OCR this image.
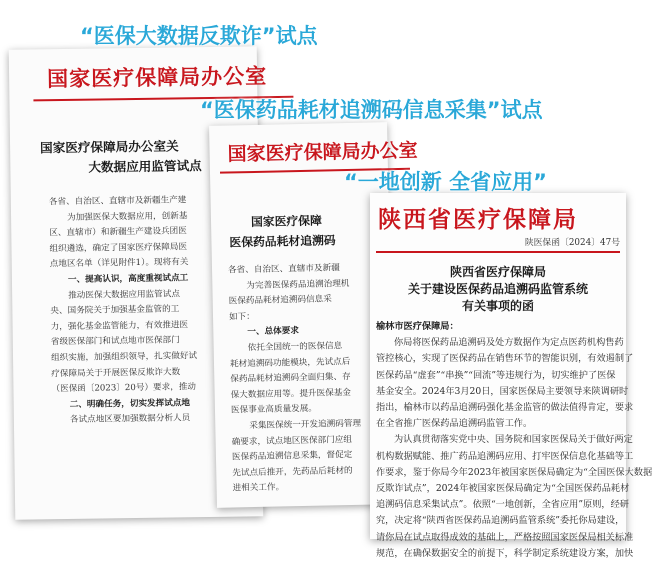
“医保大数据反欺诈”试点
国家医疗保障局办公室
国家医疗保障局办公室关
大数据应用监管试点
各省、自治区、直辖市及新疆生产建
为加强医保大数据应用，创新基
区、直辖市）和新疆生产建设兵团医
组织遴选，确定了国家医疗保障局医
点地区名单（详见附件1）。现将有关
一、提高认识，高度重视试点工
推动医保大数据应用监管试点
央、国务院关于加强基金监管的工
力，强化基金监管能力，有效推进医
省级医保部门和试点地市医保部门
组织实施，加强组织领导，扎实做好试
疗保障局关于开展医保反欺诈大数
（医保函〔2023〕20号）要求，推动
二、明确任务，切实发挥试点地
各试点地区要加强数据分析人员
“医保药品耗材追溯码信息采集”试点
国家医疗保障局办公室
国家医疗保障
医保药品耗材追溯码
各省、自治区、直辖市及新疆
为完善医保药品追溯治理机
医保药品耗材追溯码信息采
如下：
一、总体要求
依托全国统一的医保信息
耗材追溯码功能模块，先试点后
保药品耗材追溯码全面归集、存
保大数据应用等。提升医保基金
医保事业高质量发展。
采集医保统一开发追溯码管理
确要求，试点地区医保部门应组
医保药品追溯信息采集，督促定
先试点后推开，先药品后耗材的
进相关工作。
“一地创新 全省应用”
陕西省医疗保障局
陕医保函〔2024〕47号
陕西省医疗保障局
关于建设医保药品追溯码监管系统
有关事项的函
榆林市医疗保障局：
你局将医保药品追溯码及处方数据作为定点医药机构售药
管控核心，实现了医保药品在销售环节的智能识别，有效遏制了
医保药品“虚套”“串换”“回流”等违规行为，切实维护了医保
基金安全。2024年3月20日，国家医保局主要领导来陕调研时
指出，榆林市以药品追溯码强化基金监管的做法值得肯定，要求
在全省推广医保药品追溯码监管工作。
为认真贯彻落实党中央、国务院和国家医保局关于做好两定
机构数据赋能、推广药品追溯码应用、打牢医保信息化基础等工
作要求，鉴于你局今年2023年被国家医保局确定为“全国医保大数据
反欺诈试点”，2024年被国家医保局确定为“全国医保药品耗材
追溯码信息采集试点”。依照“一地创新，全省应用”原则，经研
究，决定将“陕西省医保药品追溯码监管系统”委托你局建设，
请你局在试点取得成效的基础上，严格按照国家医保局相关标准
规范，在确保数据安全的前提下，科学制定系统建设方案，加快
